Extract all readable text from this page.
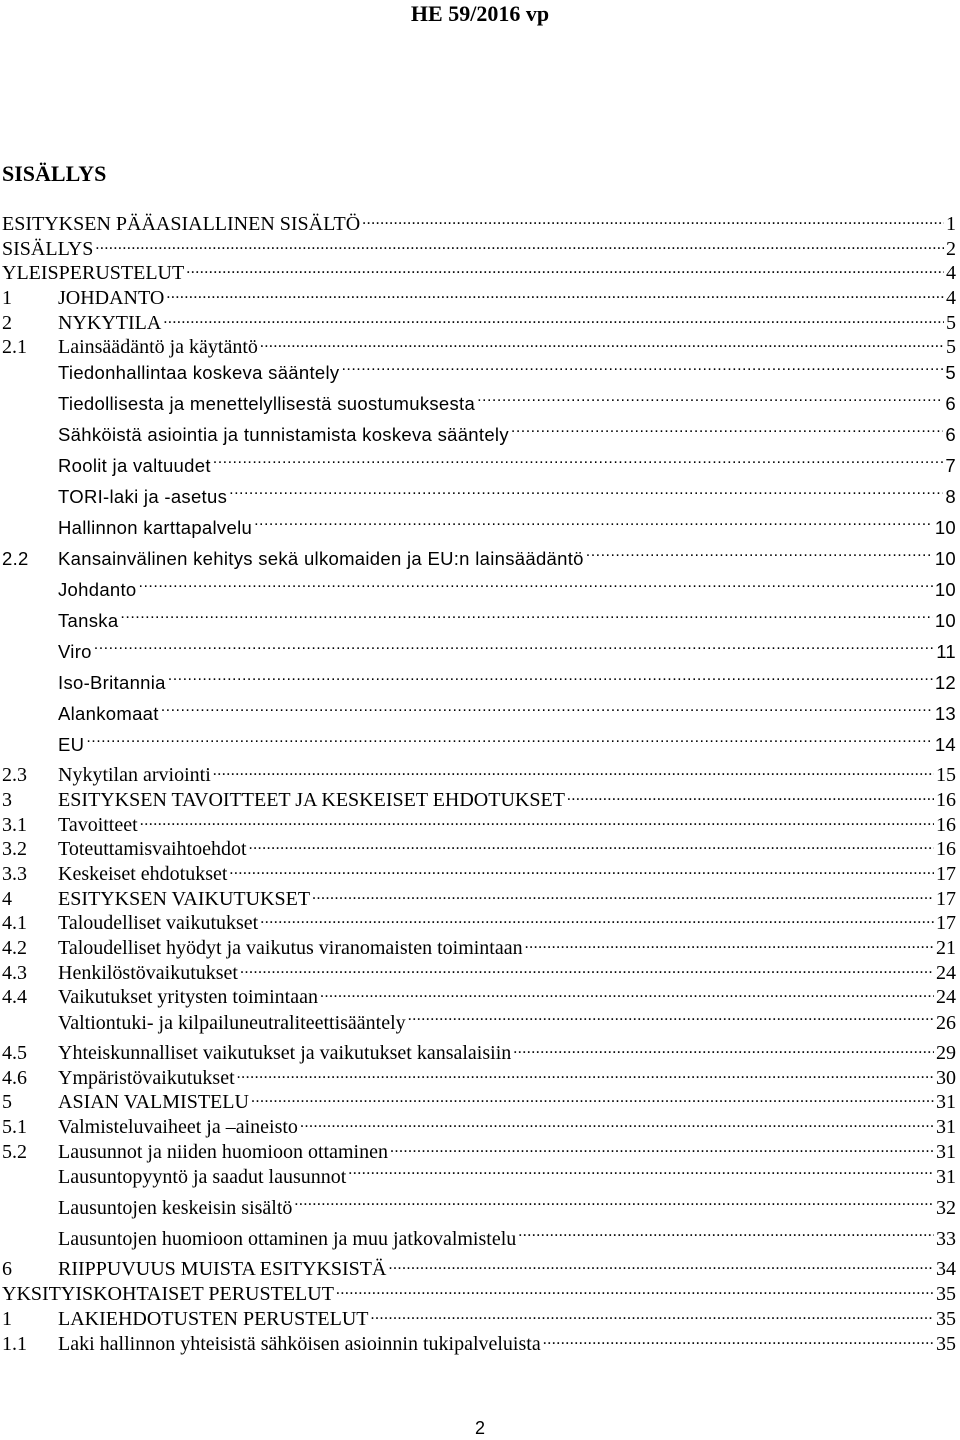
HE 59/2016 vp
SISÄLLYS
ESITYKSEN PÄÄASIALLINEN SISÄLTÖ .....	1
SISÄLLYS .....	2
YLEISPERUSTELUT .....	4
1	JOHDANTO .....	4
2	NYKYTILA .....	5
2.1	Lainsäädäntö ja käytäntö .....	5
Tiedonhallintaa koskeva sääntely .....	5
Tiedollisesta ja menettelyllisestä suostumuksesta .....	6
Sähköistä asiointia ja tunnistamista koskeva sääntely .....	6
Roolit ja valtuudet .....	7
TORI-laki ja -asetus .....	8
Hallinnon karttapalvelu .....	10
2.2	Kansainvälinen kehitys sekä ulkomaiden ja EU:n lainsäädäntö .....	10
Johdanto .....	10
Tanska .....	10
Viro .....	11
Iso-Britannia .....	12
Alankomaat .....	13
EU .....	14
2.3	Nykytilan arviointi .....	15
3	ESITYKSEN TAVOITTEET JA KESKEISET EHDOTUKSET .....	16
3.1	Tavoitteet .....	16
3.2	Toteuttamisvaihtoehdot .....	16
3.3	Keskeiset ehdotukset .....	17
4	ESITYKSEN VAIKUTUKSET .....	17
4.1	Taloudelliset vaikutukset .....	17
4.2	Taloudelliset hyödyt ja vaikutus viranomaisten toimintaan .....	21
4.3	Henkilöstövaikutukset .....	24
4.4	Vaikutukset yritysten toimintaan .....	24
Valtiontuki- ja kilpailuneutraliteettisääntely .....	26
4.5	Yhteiskunnalliset vaikutukset ja vaikutukset kansalaisiin .....	29
4.6	Ympäristövaikutukset .....	30
5	ASIAN VALMISTELU .....	31
5.1	Valmisteluvaiheet ja –aineisto .....	31
5.2	Lausunnot ja niiden huomioon ottaminen .....	31
Lausuntopyyntö ja saadut lausunnot .....	31
Lausuntojen keskeisin sisältö .....	32
Lausuntojen huomioon ottaminen ja muu jatkovalmistelu .....	33
6	RIIPPUVUUS MUISTA ESITYKSISTÄ .....	34
YKSITYISKOHTAISET PERUSTELUT .....	35
1	LAKIEHDOTUSTEN PERUSTELUT .....	35
1.1	Laki hallinnon yhteisistä sähköisen asioinnin tukipalveluista .....	35
2
